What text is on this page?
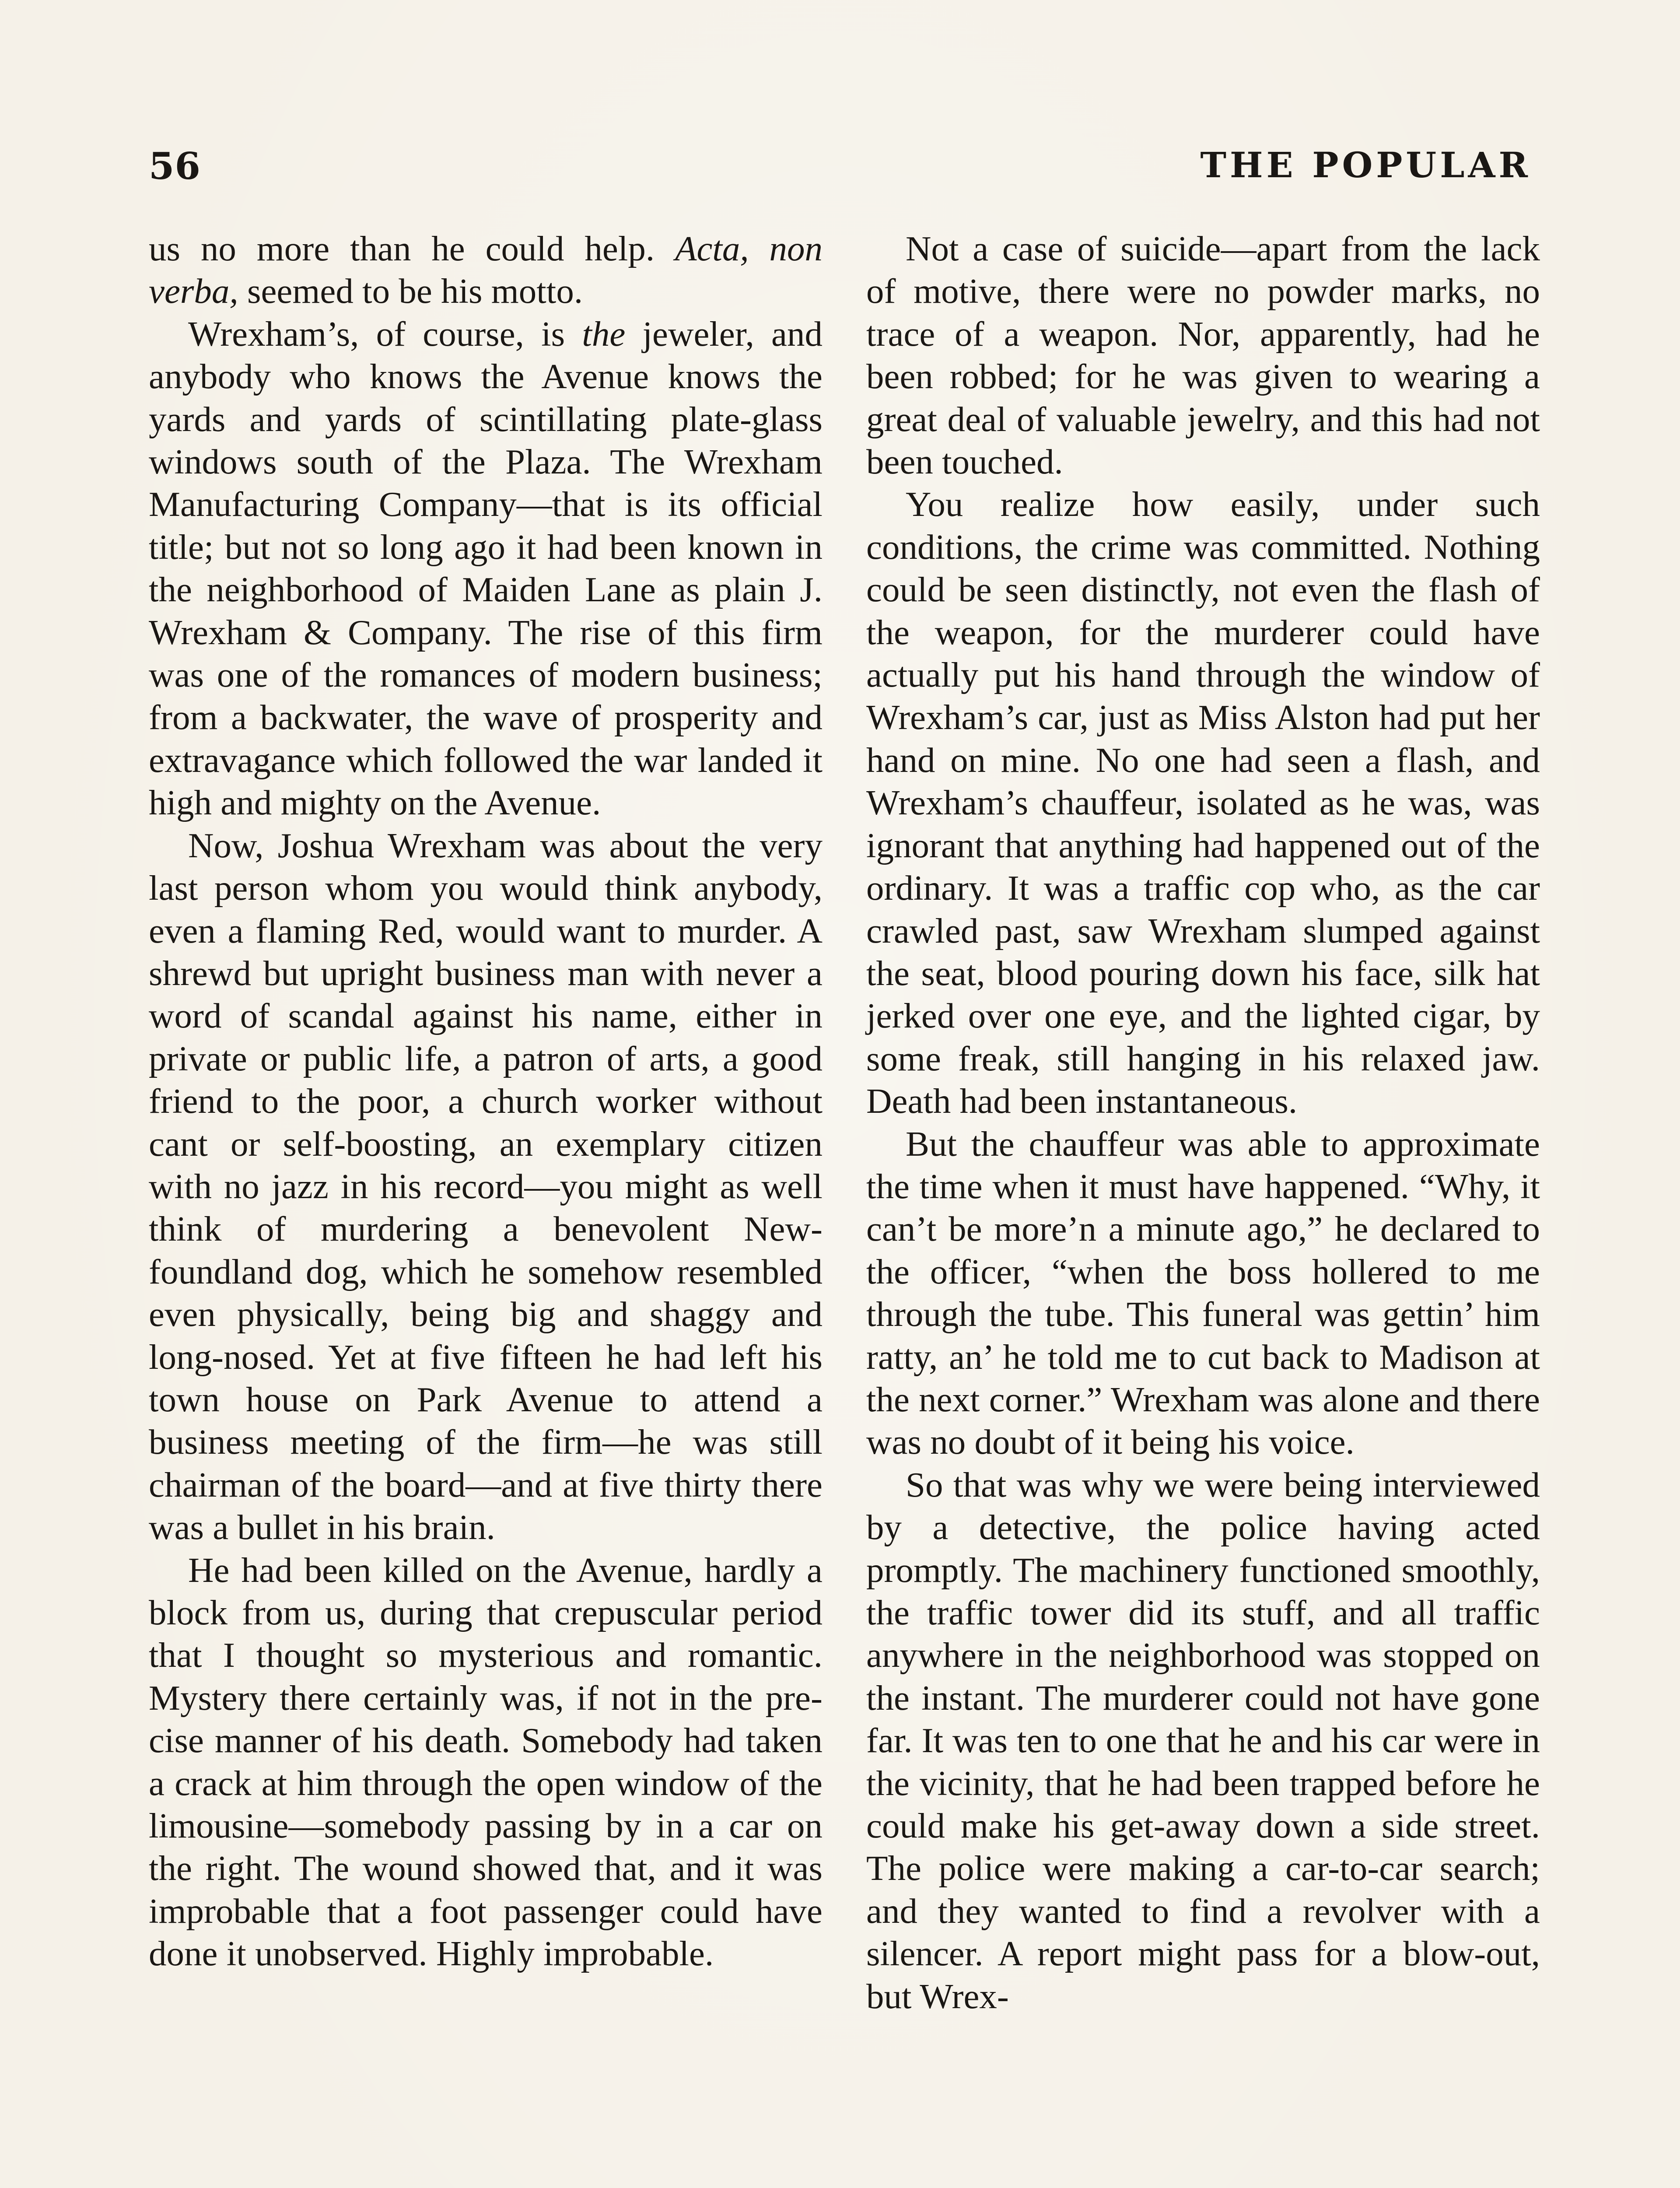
56	THE POPULAR

us no more than he could help. Acta, non verba, seemed to be his motto.

Wrexham’s, of course, is the jeweler, and anybody who knows the Avenue knows the yards and yards of scintillating plate-glass windows south of the Plaza. The Wrexham Manufacturing Company—that is its official title; but not so long ago it had been known in the neighborhood of Maiden Lane as plain J. Wrexham & Company. The rise of this firm was one of the romances of modern business; from a backwater, the wave of prosperity and extravagance which followed the war landed it high and mighty on the Avenue.

Now, Joshua Wrexham was about the very last person whom you would think anybody, even a flaming Red, would want to murder. A shrewd but upright business man with never a word of scandal against his name, either in private or public life, a patron of arts, a good friend to the poor, a church worker without cant or self-boosting, an exemplary citizen with no jazz in his record—you might as well think of murdering a benevolent Newfoundland dog, which he somehow resembled even physically, being big and shaggy and long-nosed. Yet at five fifteen he had left his town house on Park Avenue to attend a business meeting of the firm—he was still chairman of the board—and at five thirty there was a bullet in his brain.

He had been killed on the Avenue, hardly a block from us, during that crepuscular period that I thought so mysterious and romantic. Mystery there certainly was, if not in the precise manner of his death. Somebody had taken a crack at him through the open window of the limousine—somebody passing by in a car on the right. The wound showed that, and it was improbable that a foot passenger could have done it unobserved. Highly improbable.

Not a case of suicide—apart from the lack of motive, there were no powder marks, no trace of a weapon. Nor, apparently, had he been robbed; for he was given to wearing a great deal of valuable jewelry, and this had not been touched.

You realize how easily, under such conditions, the crime was committed. Nothing could be seen distinctly, not even the flash of the weapon, for the murderer could have actually put his hand through the window of Wrexham’s car, just as Miss Alston had put her hand on mine. No one had seen a flash, and Wrexham’s chauffeur, isolated as he was, was ignorant that anything had happened out of the ordinary. It was a traffic cop who, as the car crawled past, saw Wrexham slumped against the seat, blood pouring down his face, silk hat jerked over one eye, and the lighted cigar, by some freak, still hanging in his relaxed jaw. Death had been instantaneous.

But the chauffeur was able to approximate the time when it must have happened. “Why, it can’t be more’n a minute ago,” he declared to the officer, “when the boss hollered to me through the tube. This funeral was gettin’ him ratty, an’ he told me to cut back to Madison at the next corner.” Wrexham was alone and there was no doubt of it being his voice.

So that was why we were being interviewed by a detective, the police having acted promptly. The machinery functioned smoothly, the traffic tower did its stuff, and all traffic anywhere in the neighborhood was stopped on the instant. The murderer could not have gone far. It was ten to one that he and his car were in the vicinity, that he had been trapped before he could make his get-away down a side street. The police were making a car-to-car search; and they wanted to find a revolver with a silencer. A report might pass for a blow-out, but Wrex-
